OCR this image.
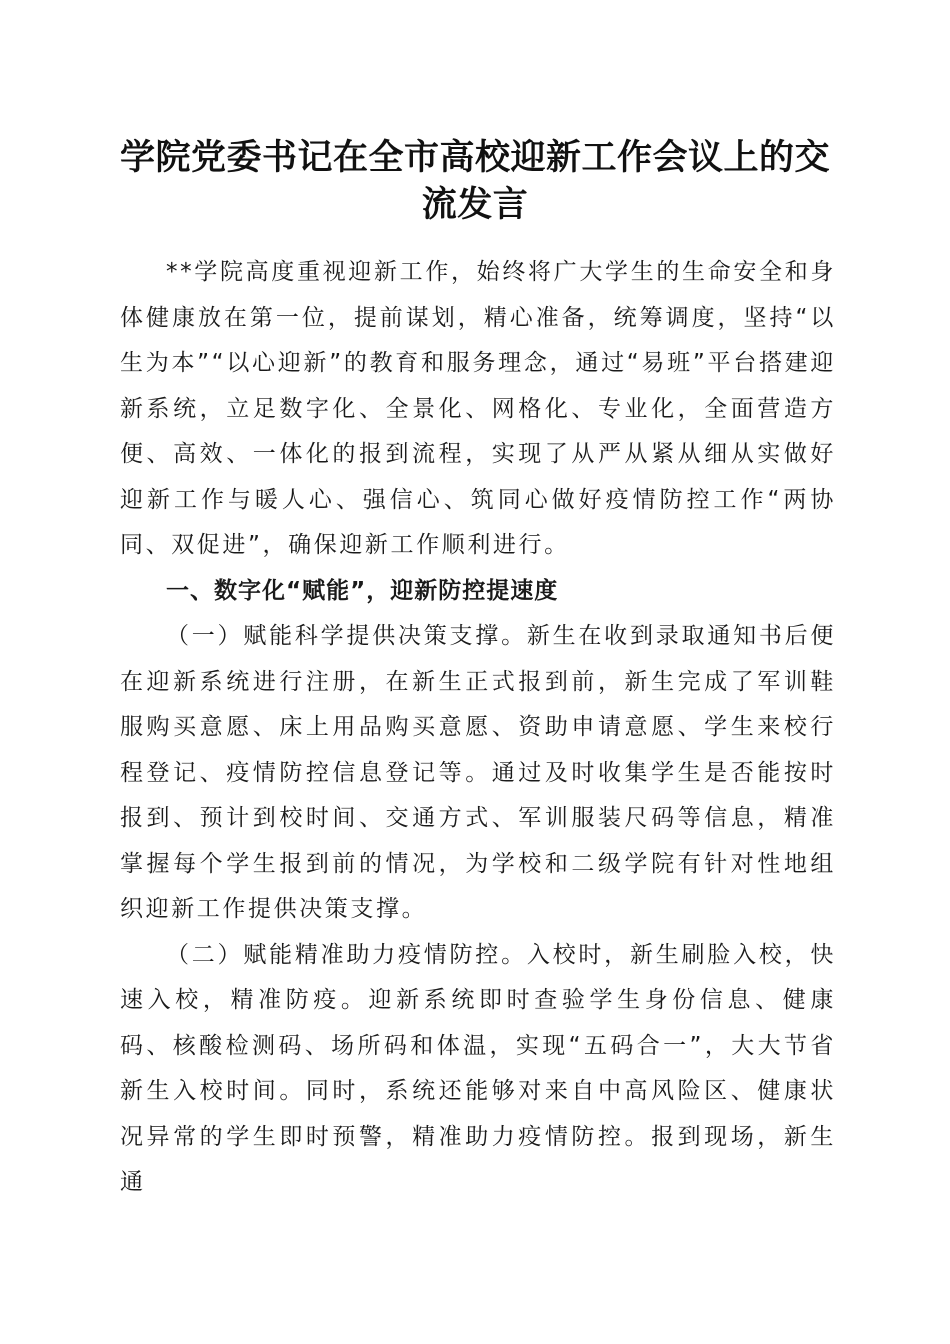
学院党委书记在全市高校迎新工作会议上的交流发言

**学院高度重视迎新工作，始终将广大学生的生命安全和身体健康放在第一位，提前谋划，精心准备，统筹调度，坚持“以生为本”“以心迎新”的教育和服务理念，通过“易班”平台搭建迎新系统，立足数字化、全景化、网格化、专业化，全面营造方便、高效、一体化的报到流程，实现了从严从紧从细从实做好迎新工作与暖人心、强信心、筑同心做好疫情防控工作“两协同、双促进”，确保迎新工作顺利进行。

一、数字化“赋能”，迎新防控提速度

（一）赋能科学提供决策支撑。新生在收到录取通知书后便在迎新系统进行注册，在新生正式报到前，新生完成了军训鞋服购买意愿、床上用品购买意愿、资助申请意愿、学生来校行程登记、疫情防控信息登记等。通过及时收集学生是否能按时报到、预计到校时间、交通方式、军训服装尺码等信息，精准掌握每个学生报到前的情况，为学校和二级学院有针对性地组织迎新工作提供决策支撑。

（二）赋能精准助力疫情防控。入校时，新生刷脸入校，快速入校，精准防疫。迎新系统即时查验学生身份信息、健康码、核酸检测码、场所码和体温，实现“五码合一”，大大节省新生入校时间。同时，系统还能够对来自中高风险区、健康状况异常的学生即时预警，精准助力疫情防控。报到现场，新生通
